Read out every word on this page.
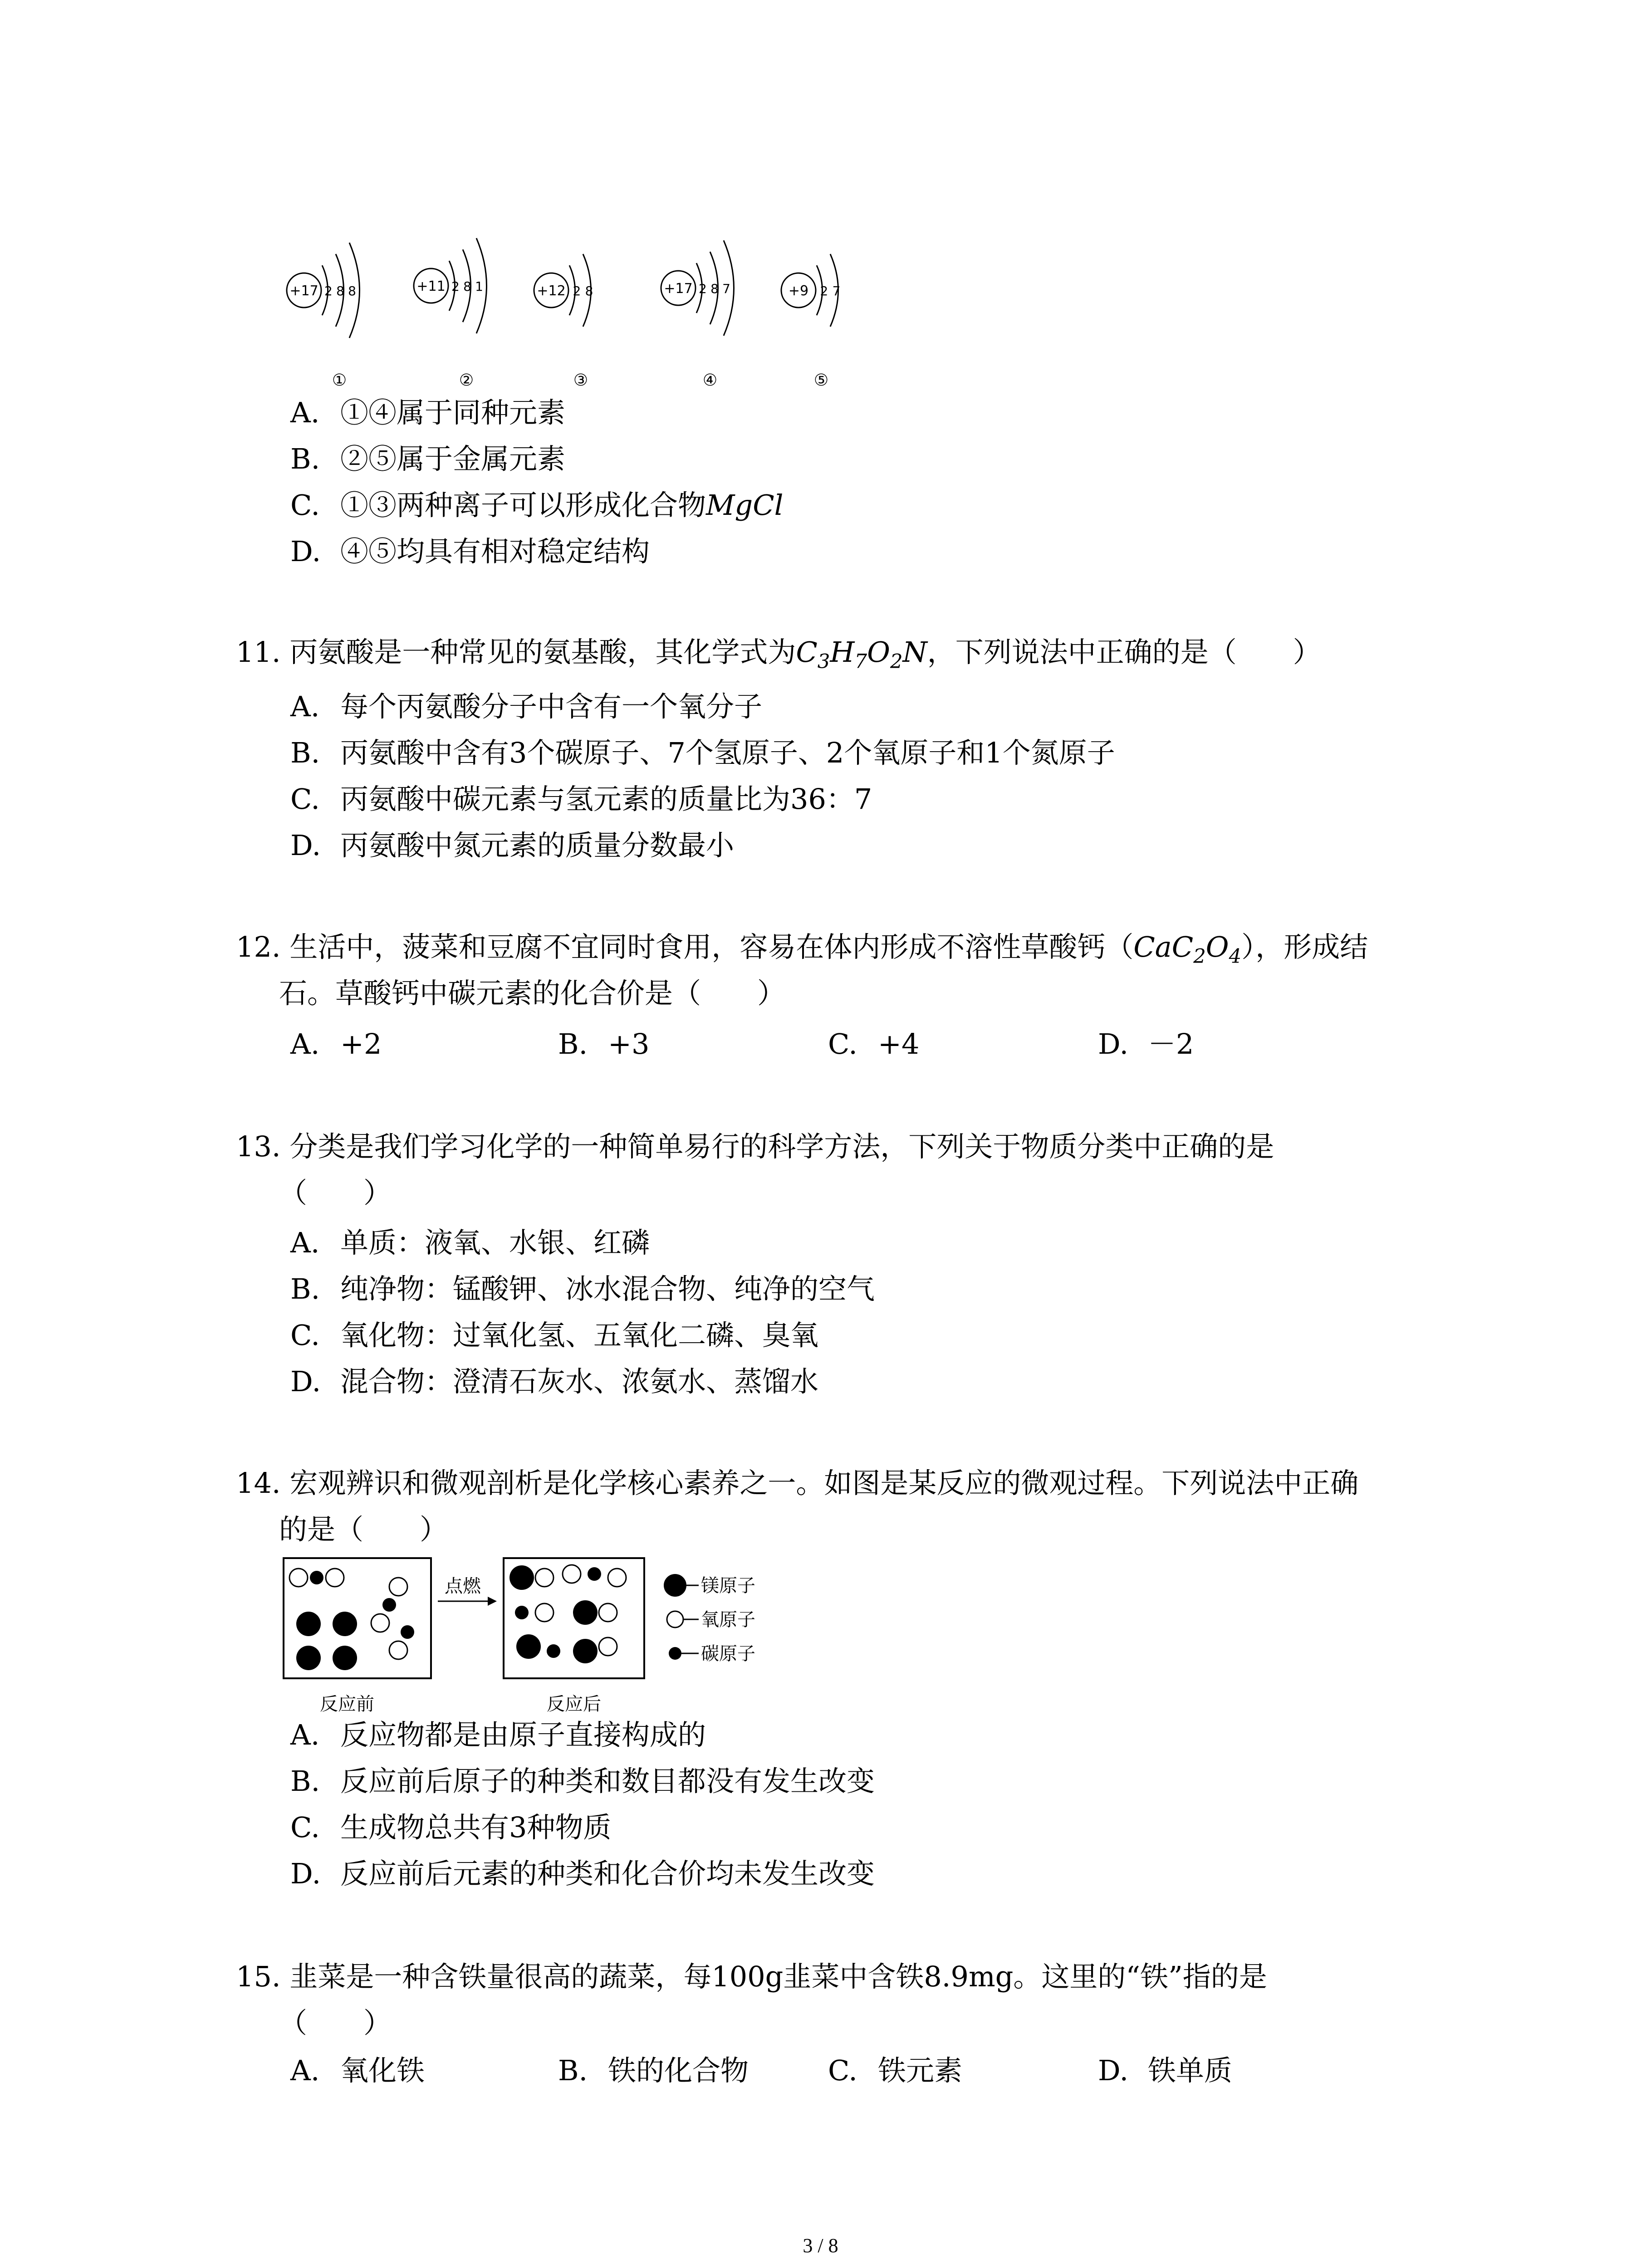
+17 2 8 8
①
+11 2 8 1
②
+12 2 8
③
+17 2 8 7
④
+9 2 7
⑤
A. ①④属于同种元素
B. ②⑤属于金属元素
C. ①③两种离子可以形成化合物MgCl
D. ④⑤均具有相对稳定结构
11. 丙氨酸是一种常见的氨基酸，其化学式为$C_3H_7O_2N$，下列说法中正确的是（　　）
A. 每个丙氨酸分子中含有一个氧分子
B. 丙氨酸中含有3个碳原子、7个氢原子、2个氧原子和1个氮原子
C. 丙氨酸中碳元素与氢元素的质量比为36：7
D. 丙氨酸中氮元素的质量分数最小
12. 生活中，菠菜和豆腐不宜同时食用，容易在体内形成不溶性草酸钙$(CaC_2O_4)$，形成结
石。草酸钙中碳元素的化合价是（　　）
A. +2	B. +3	C. +4	D. －2
13. 分类是我们学习化学的一种简单易行的科学方法，下列关于物质分类中正确的是
（　　）
A. 单质：液氧、水银、红磷
B. 纯净物：锰酸钾、冰水混合物、纯净的空气
C. 氧化物：过氧化氢、五氧化二磷、臭氧
D. 混合物：澄清石灰水、浓氨水、蒸馏水
14. 宏观辨识和微观剖析是化学核心素养之一。如图是某反应的微观过程。下列说法中正确
的是（　　）
反应前
点燃
反应后
镁原子
氧原子
碳原子
A. 反应物都是由原子直接构成的
B. 反应前后原子的种类和数目都没有发生改变
C. 生成物总共有3种物质
D. 反应前后元素的种类和化合价均未发生改变
15. 韭菜是一种含铁量很高的蔬菜，每100g韭菜中含铁8.9mg。这里的“铁”指的是
（　　）
A. 氧化铁	B. 铁的化合物	C. 铁元素	D. 铁单质
3 / 8
